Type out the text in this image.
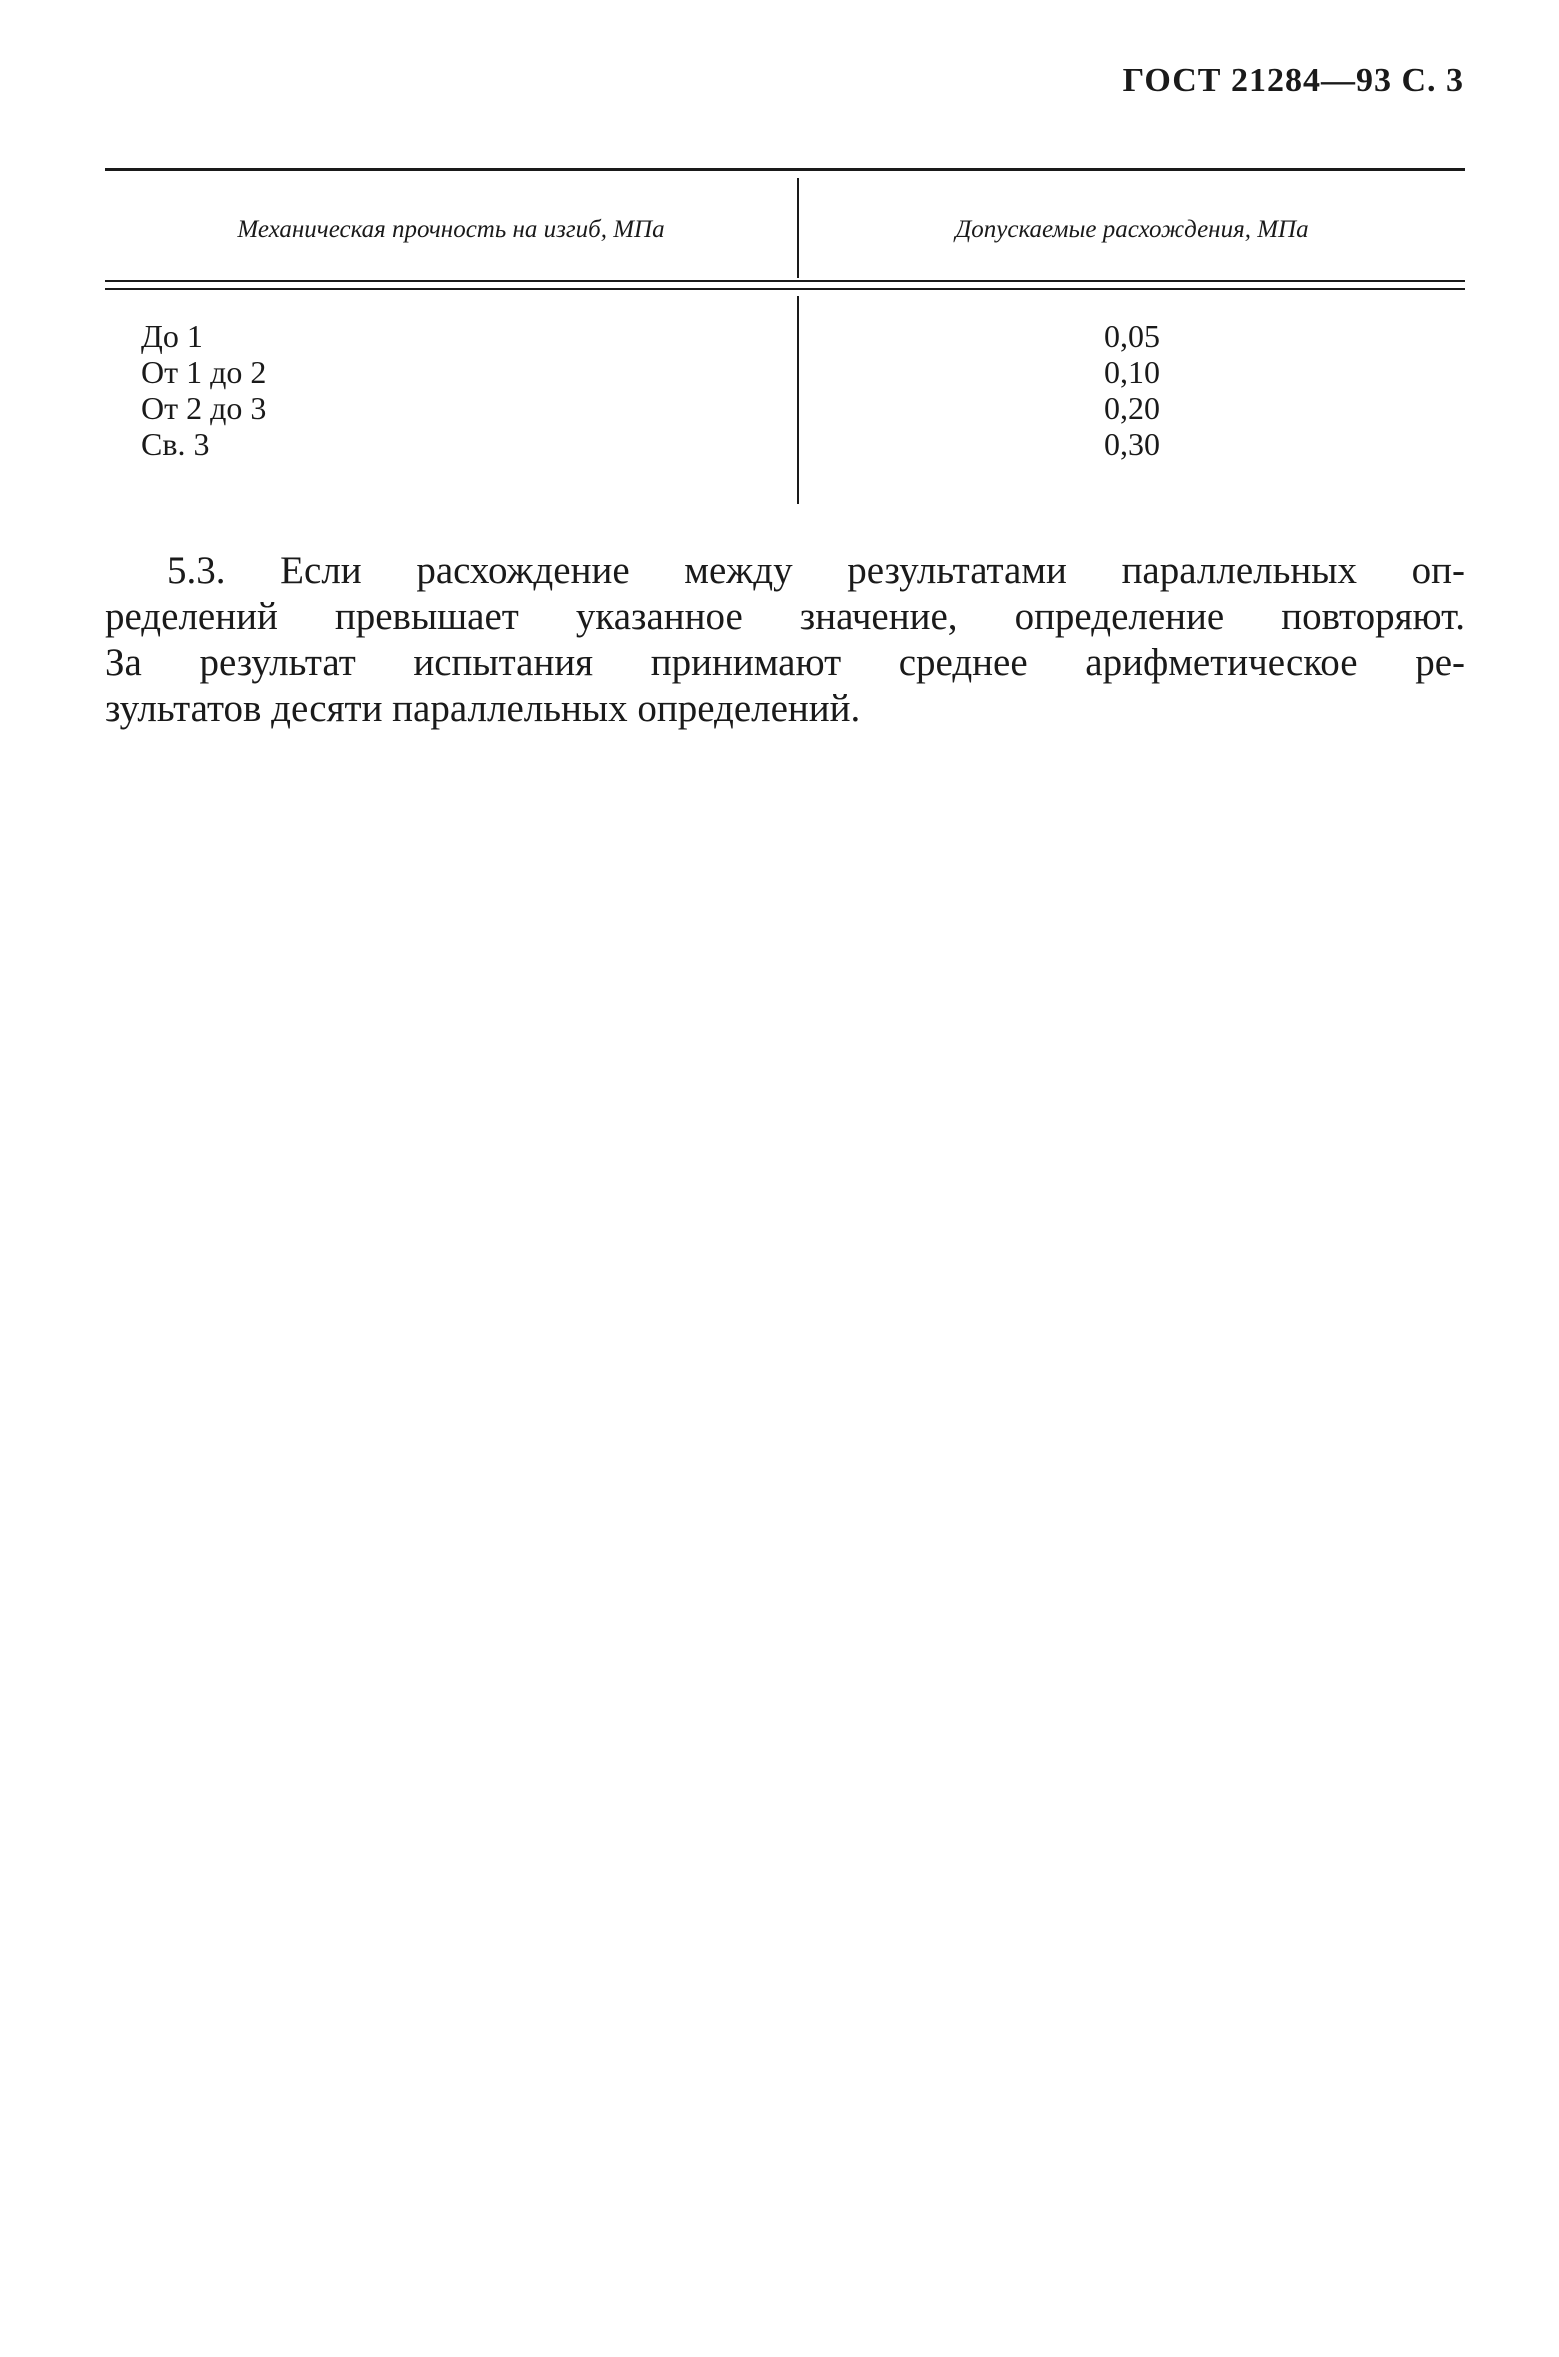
ГОСТ 21284—93 С. 3
Механическая прочность на изгиб, МПа	Допускаемые расхождения, МПа
До 1
От 1 до 2
От 2 до 3
Св. 3
0,05
0,10
0,20
0,30
5.3. Если расхождение между результатами параллельных оп-
ределений превышает указанное значение, определение повторяют.
За результат испытания принимают среднее арифметическое ре-
зультатов десяти параллельных определений.
